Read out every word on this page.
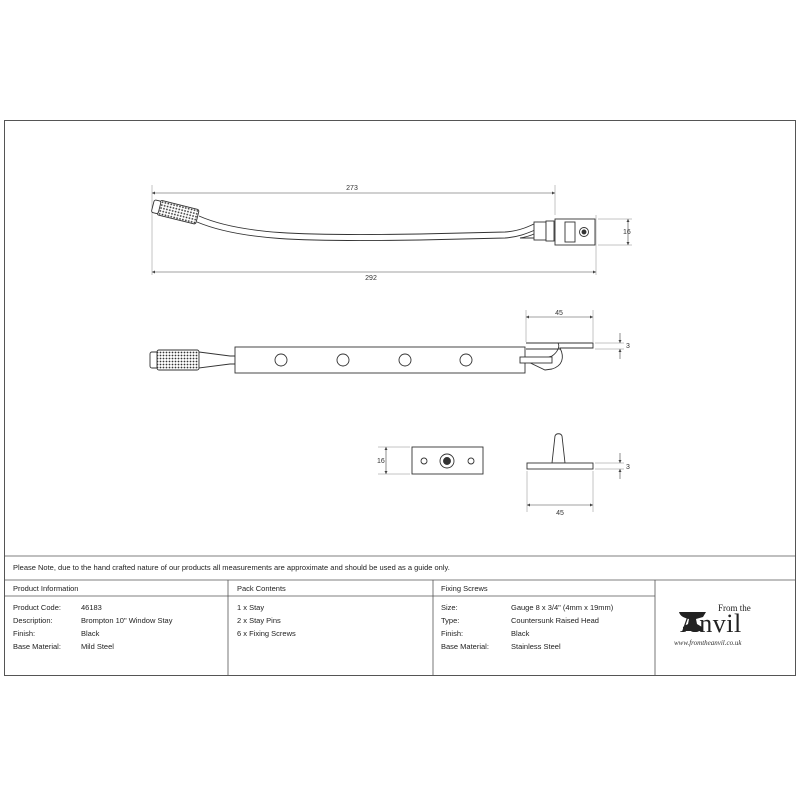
273
292
16
45
3
16
3
45
Please Note, due to the hand crafted nature of our products all measurements are approximate and should be used as a guide only.
Product Information	Pack Contents	Fixing Screws
Product Code:	46183
Description:	Brompton 10" Window Stay
Finish:	Black
Base Material:	Mild Steel
1 x Stay
2 x Stay Pins
6 x Fixing Screws
Size:	Gauge 8 x 3/4" (4mm x 19mm)
Type:	Countersunk Raised Head
Finish:	Black
Base Material:	Stainless Steel
From the
Anvil
www.fromtheanvil.co.uk
